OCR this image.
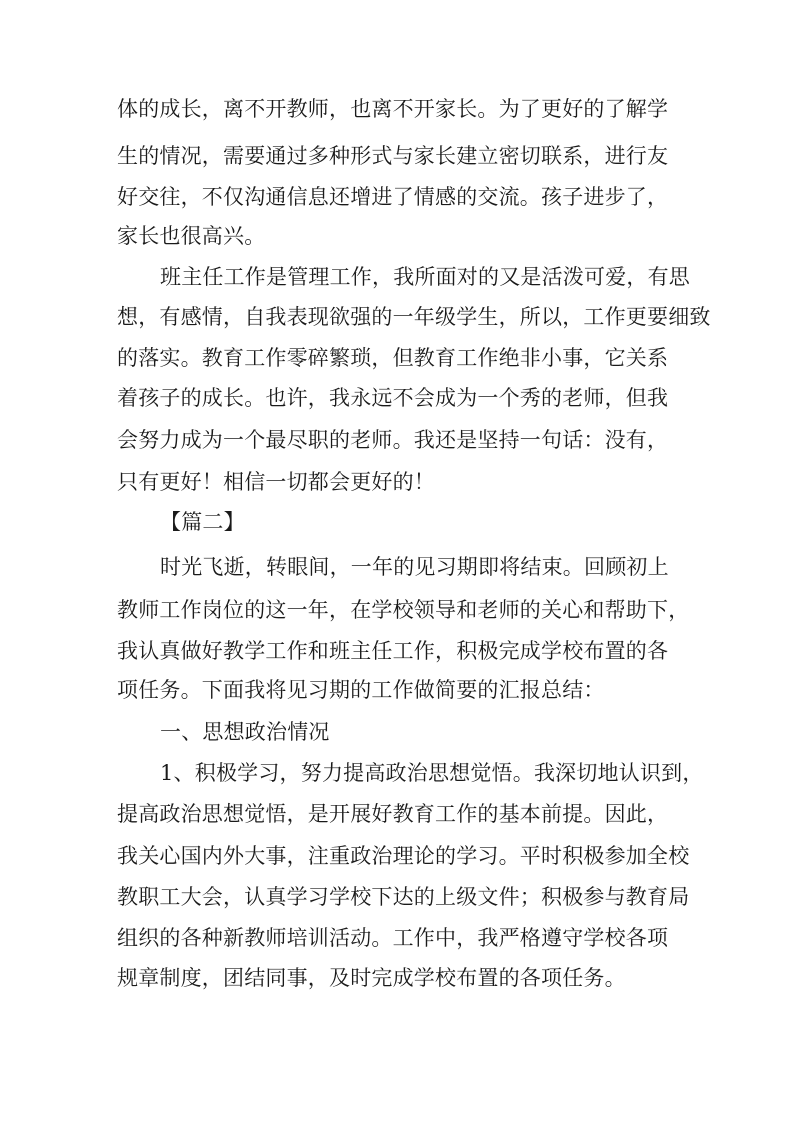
体的成长，离不开教师，也离不开家长。为了更好的了解学
生的情况，需要通过多种形式与家长建立密切联系，进行友
好交往，不仅沟通信息还增进了情感的交流。孩子进步了，
家长也很高兴。
班主任工作是管理工作，我所面对的又是活泼可爱，有思
想，有感情，自我表现欲强的一年级学生，所以，工作更要细致
的落实。教育工作零碎繁琐，但教育工作绝非小事，它关系
着孩子的成长。也许，我永远不会成为一个秀的老师，但我
会努力成为一个最尽职的老师。我还是坚持一句话：没有，
只有更好！相信一切都会更好的！
【篇二】
时光飞逝，转眼间，一年的见习期即将结束。回顾初上
教师工作岗位的这一年，在学校领导和老师的关心和帮助下，
我认真做好教学工作和班主任工作，积极完成学校布置的各
项任务。下面我将见习期的工作做简要的汇报总结：
一、思想政治情况
1、积极学习，努力提高政治思想觉悟。我深切地认识到，
提高政治思想觉悟，是开展好教育工作的基本前提。因此，
我关心国内外大事，注重政治理论的学习。平时积极参加全校
教职工大会，认真学习学校下达的上级文件；积极参与教育局
组织的各种新教师培训活动。工作中，我严格遵守学校各项
规章制度，团结同事，及时完成学校布置的各项任务。
